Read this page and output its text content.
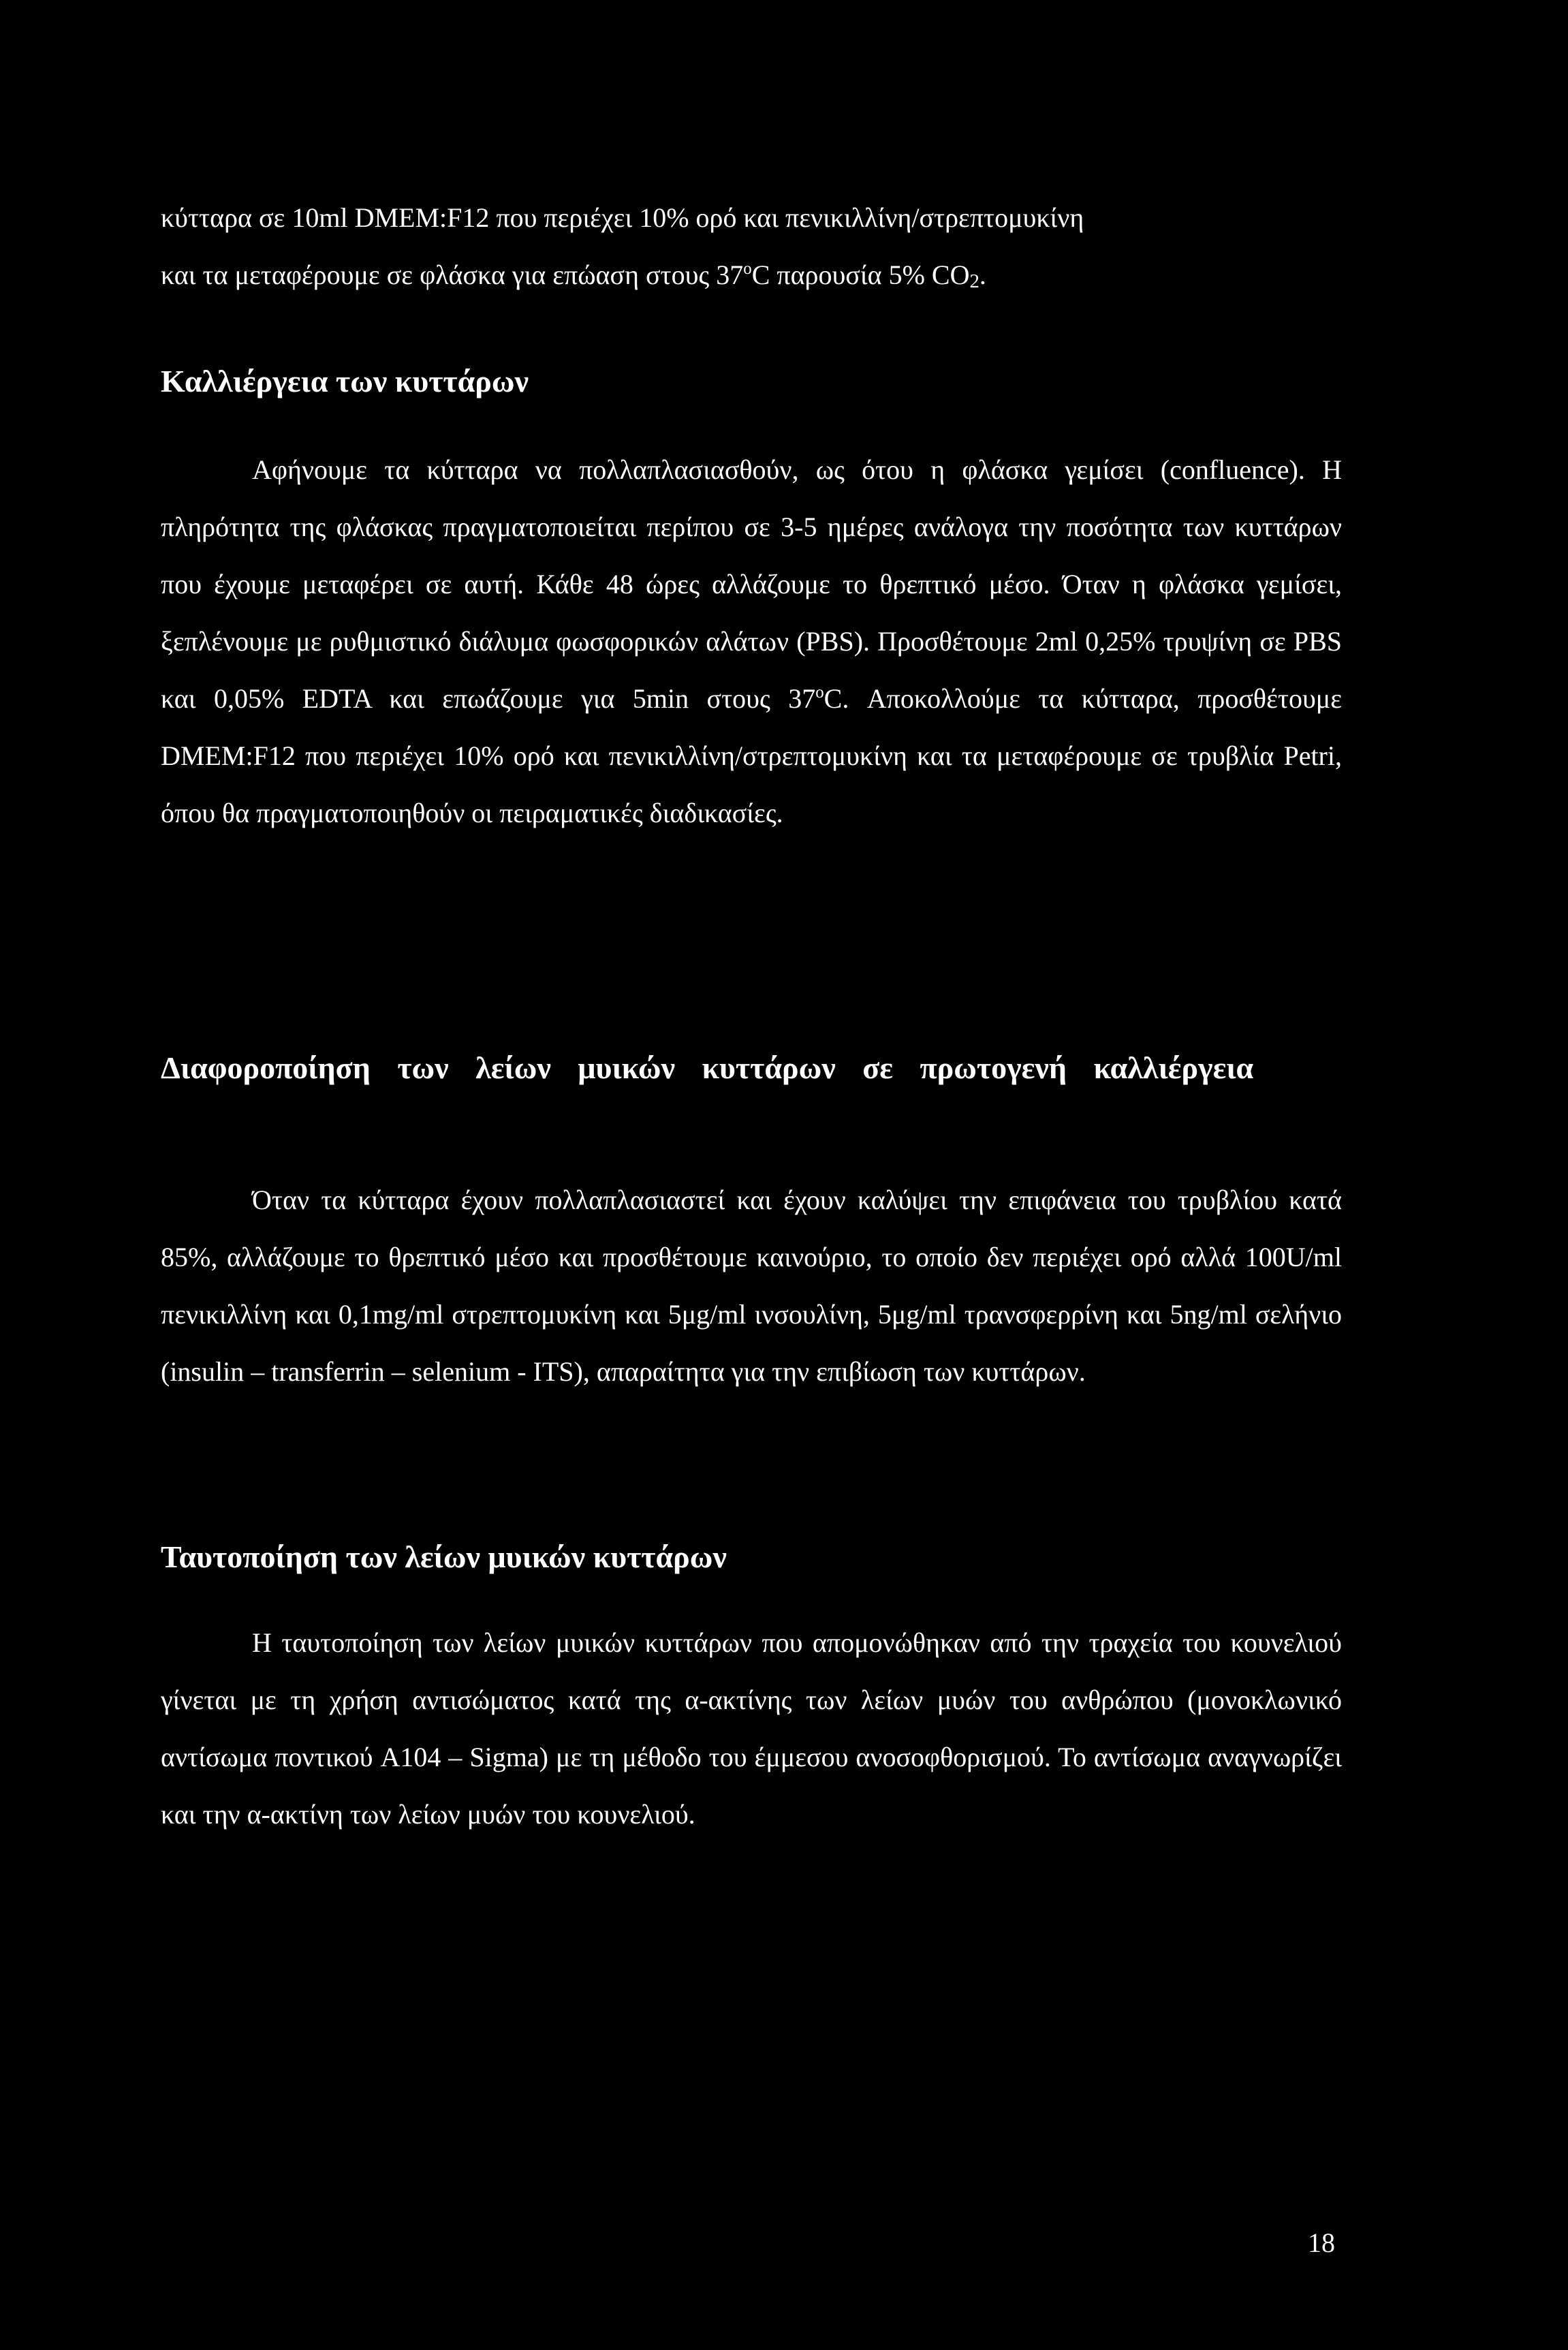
κύτταρα σε 10ml DMEM:F12 που περιέχει 10% ορό και πενικιλλίνη/στρεπτομυκίνη
και τα μεταφέρουμε σε φλάσκα για επώαση στους 37$^o$C παρουσία 5% CO2.

Καλλιέργεια των κυττάρων

Αφήνουμε τα κύτταρα να πολλαπλασιασθούν, ως ότου η φλάσκα γεμίσει (confluence). Η πληρότητα της φλάσκας πραγματοποιείται περίπου σε 3-5 ημέρες ανάλογα την ποσότητα των κυττάρων που έχουμε μεταφέρει σε αυτή. Κάθε 48 ώρες αλλάζουμε το θρεπτικό μέσο. Όταν η φλάσκα γεμίσει, ξεπλένουμε με ρυθμιστικό διάλυμα φωσφορικών αλάτων (PBS). Προσθέτουμε 2ml 0,25% τρυψίνη σε PBS και 0,05% EDTA και επωάζουμε για 5min στους 37$^o$C. Αποκολλούμε τα κύτταρα, προσθέτουμε DMEM:F12 που περιέχει 10% ορό και πενικιλλίνη/στρεπτομυκίνη και τα μεταφέρουμε σε τρυβλία Petri, όπου θα πραγματοποιηθούν οι πειραματικές διαδικασίες.

Διαφοροποίηση των λείων μυικών κυττάρων σε πρωτογενή καλλιέργεια

Όταν τα κύτταρα έχουν πολλαπλασιαστεί και έχουν καλύψει την επιφάνεια του τρυβλίου κατά 85%, αλλάζουμε το θρεπτικό μέσο και προσθέτουμε καινούριο, το οποίο δεν περιέχει ορό αλλά 100U/ml πενικιλλίνη και 0,1mg/ml στρεπτομυκίνη και 5μg/ml ινσουλίνη, 5μg/ml τρανσφερρίνη και 5ng/ml σελήνιο (insulin – transferrin – selenium - ITS), απαραίτητα για την επιβίωση των κυττάρων.

Ταυτοποίηση των λείων μυικών κυττάρων

Η ταυτοποίηση των λείων μυικών κυττάρων που απομονώθηκαν από την τραχεία του κουνελιού γίνεται με τη χρήση αντισώματος κατά της α-ακτίνης των λείων μυών του ανθρώπου (μονοκλωνικό αντίσωμα ποντικού A104 – Sigma) με τη μέθοδο του έμμεσου ανοσοφθορισμού. Το αντίσωμα αναγνωρίζει και την α-ακτίνη των λείων μυών του κουνελιού.

18
